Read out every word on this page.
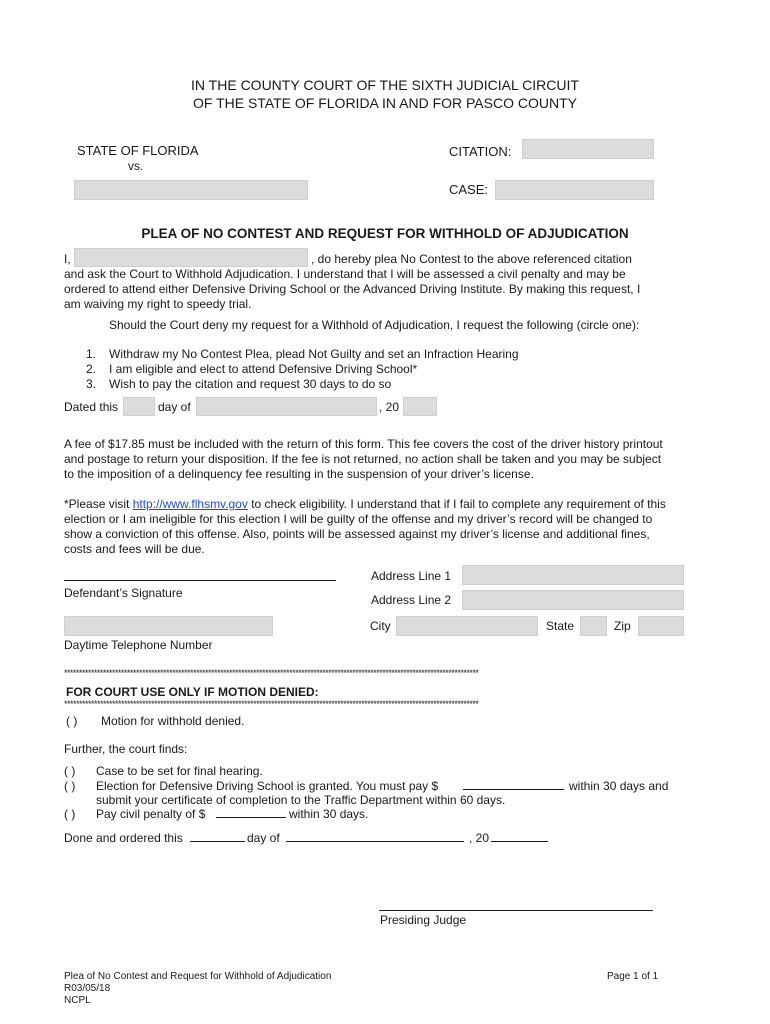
IN THE COUNTY COURT OF THE SIXTH JUDICIAL CIRCUIT
OF THE STATE OF FLORIDA IN AND FOR PASCO COUNTY
STATE OF FLORIDA
vs.
CITATION:
CASE:
PLEA OF NO CONTEST AND REQUEST FOR WITHHOLD OF ADJUDICATION
I,	, do hereby plea No Contest to the above referenced citation
and ask the Court to Withhold Adjudication. I understand that I will be assessed a civil penalty and may be
ordered to attend either Defensive Driving School or the Advanced Driving Institute. By making this request, I
am waiving my right to speedy trial.
Should the Court deny my request for a Withhold of Adjudication, I request the following (circle one):
1. Withdraw my No Contest Plea, plead Not Guilty and set an Infraction Hearing
2. I am eligible and elect to attend Defensive Driving School*
3. Wish to pay the citation and request 30 days to do so
Dated this	day of	, 20
A fee of $17.85 must be included with the return of this form. This fee covers the cost of the driver history printout
and postage to return your disposition. If the fee is not returned, no action shall be taken and you may be subject
to the imposition of a delinquency fee resulting in the suspension of your driver’s license.
*Please visit http://www.flhsmv.gov to check eligibility. I understand that if I fail to complete any requirement of this
election or I am ineligible for this election I will be guilty of the offense and my driver’s record will be changed to
show a conviction of this offense. Also, points will be assessed against my driver’s license and additional fines,
costs and fees will be due.
Defendant’s Signature
Address Line 1
Address Line 2
City	State	Zip
Daytime Telephone Number
******************************************************************************************************************************************
FOR COURT USE ONLY IF MOTION DENIED:
******************************************************************************************************************************************
( ) Motion for withhold denied.
Further, the court finds:
( ) Case to be set for final hearing.
( ) Election for Defensive Driving School is granted. You must pay $	within 30 days and
submit your certificate of completion to the Traffic Department within 60 days.
( ) Pay civil penalty of $	within 30 days.
Done and ordered this	day of	, 20
Presiding Judge
Plea of No Contest and Request for Withhold of Adjudication
R03/05/18
NCPL
Page 1 of 1
